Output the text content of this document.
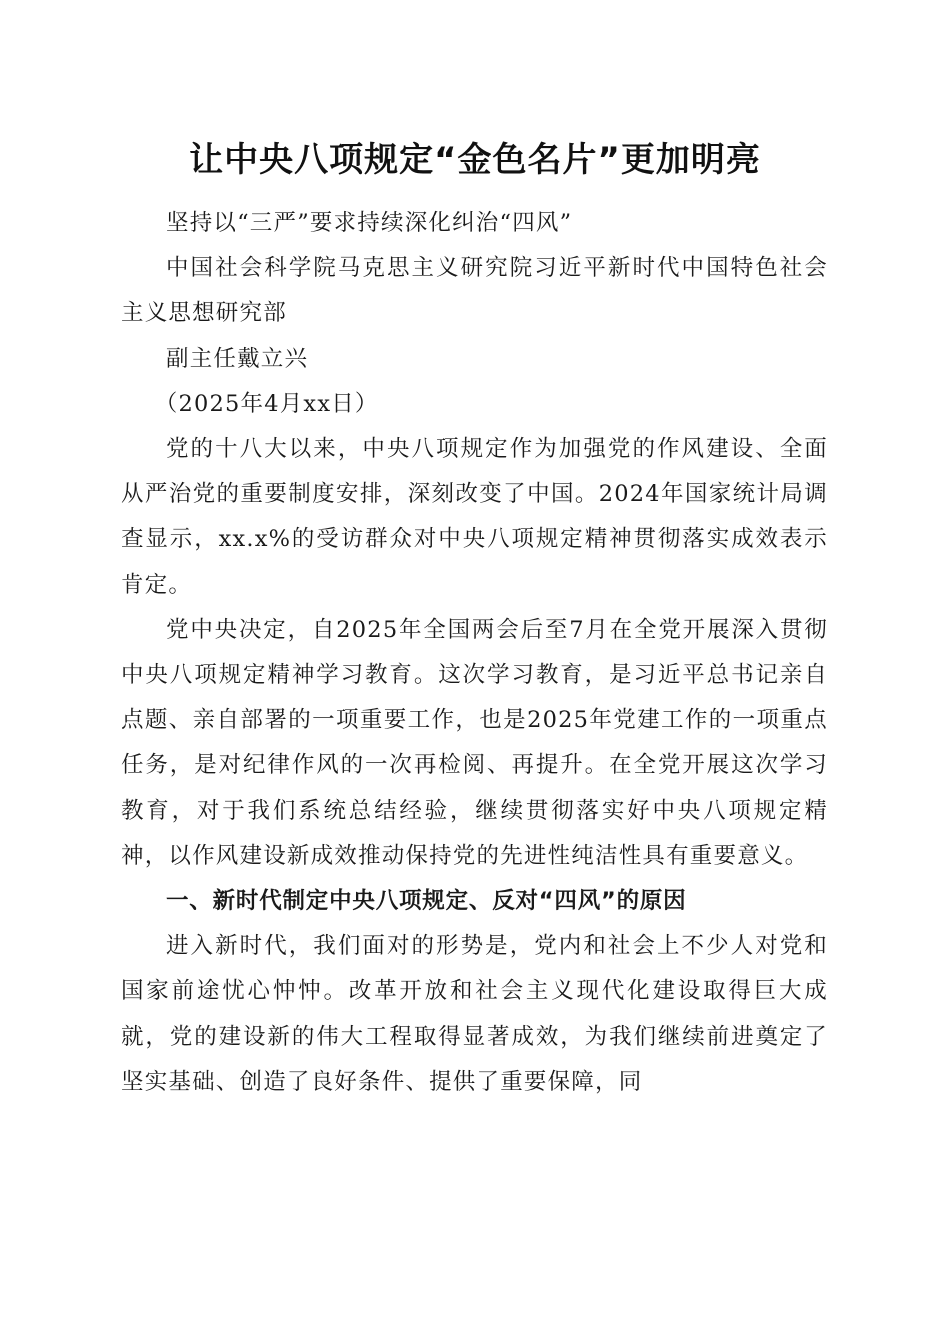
让中央八项规定“金色名片”更加明亮

坚持以“三严”要求持续深化纠治“四风”

中国社会科学院马克思主义研究院习近平新时代中国特色社会主义思想研究部

副主任戴立兴

（2025年4月xx日）

党的十八大以来，中央八项规定作为加强党的作风建设、全面从严治党的重要制度安排，深刻改变了中国。2024年国家统计局调查显示，xx.x%的受访群众对中央八项规定精神贯彻落实成效表示肯定。

党中央决定，自2025年全国两会后至7月在全党开展深入贯彻中央八项规定精神学习教育。这次学习教育，是习近平总书记亲自点题、亲自部署的一项重要工作，也是2025年党建工作的一项重点任务，是对纪律作风的一次再检阅、再提升。在全党开展这次学习教育，对于我们系统总结经验，继续贯彻落实好中央八项规定精神，以作风建设新成效推动保持党的先进性纯洁性具有重要意义。

一、新时代制定中央八项规定、反对“四风”的原因

进入新时代，我们面对的形势是，党内和社会上不少人对党和国家前途忧心忡忡。改革开放和社会主义现代化建设取得巨大成就，党的建设新的伟大工程取得显著成效，为我们继续前进奠定了坚实基础、创造了良好条件、提供了重要保障，同
